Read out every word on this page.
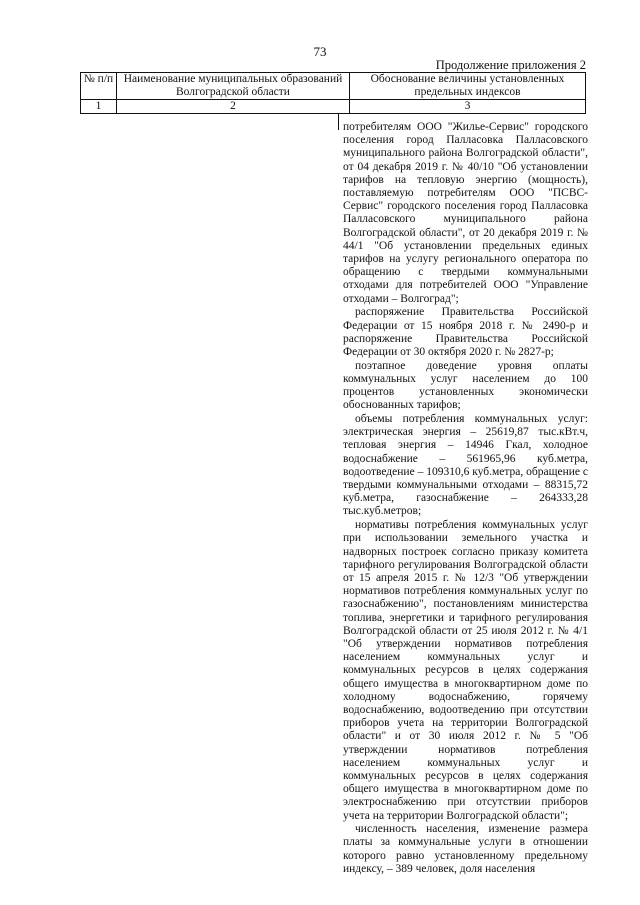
73
Продолжение приложения 2
№ п/п	Наименование муниципальных образований Волгоградской области	Обоснование величины установленных предельных индексов
1	2	3

потребителям ООО "Жилье-Сервис" городского поселения город Палласовка Палласовского муниципального района Волгоградской области", от 04 декабря 2019 г. № 40/10 "Об установлении тарифов на тепловую энергию (мощность), поставляемую потребителям ООО "ПСВС-Сервис" городского поселения город Палласовка Палласовского муниципального района Волгоградской области", от 20 декабря 2019 г. № 44/1 "Об установлении предельных единых тарифов на услугу регионального оператора по обращению с твердыми коммунальными отходами для потребителей ООО "Управление отходами – Волгоград";

распоряжение Правительства Российской Федерации от 15 ноября 2018 г. № 2490-р и распоряжение Правительства Российской Федерации от 30 октября 2020 г. № 2827-р;

поэтапное доведение уровня оплаты коммунальных услуг населением до 100 процентов установленных экономически обоснованных тарифов;

объемы потребления коммунальных услуг: электрическая энергия – 25619,87 тыс.кВт.ч, тепловая энергия – 14946 Гкал, холодное водоснабжение – 561965,96 куб.метра, водоотведение – 109310,6 куб.метра, обращение с твердыми коммунальными отходами – 88315,72 куб.метра, газоснабжение – 264333,28 тыс.куб.метров;

нормативы потребления коммунальных услуг при использовании земельного участка и надворных построек согласно приказу комитета тарифного регулирования Волгоградской области от 15 апреля 2015 г. № 12/3 "Об утверждении нормативов потребления коммунальных услуг по газоснабжению", постановлениям министерства топлива, энергетики и тарифного регулирования Волгоградской области от 25 июля 2012 г. № 4/1 "Об утверждении нормативов потребления населением коммунальных услуг и коммунальных ресурсов в целях содержания общего имущества в многоквартирном доме по холодному водоснабжению, горячему водоснабжению, водоотведению при отсутствии приборов учета на территории Волгоградской области" и от 30 июля 2012 г. № 5 "Об утверждении нормативов потребления населением коммунальных услуг и коммунальных ресурсов в целях содержания общего имущества в многоквартирном доме по электроснабжению при отсутствии приборов учета на территории Волгоградской области";

численность населения, изменение размера платы за коммунальные услуги в отношении которого равно установленному предельному индексу, – 389 человек, доля населения
